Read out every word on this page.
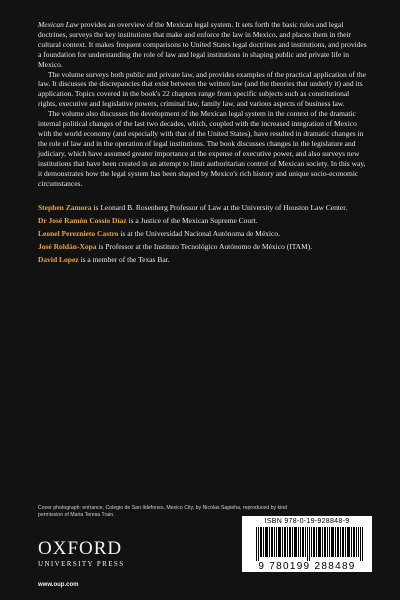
Mexican Law provides an overview of the Mexican legal system. It sets forth the basic rules and legal doctrines, surveys the key institutions that make and enforce the law in Mexico, and places them in their cultural context. It makes frequent comparisons to United States legal doctrines and institutions, and provides a foundation for understanding the role of law and legal institutions in shaping public and private life in Mexico.

The volume surveys both public and private law, and provides examples of the practical application of the law. It discusses the discrepancies that exist between the written law (and the theories that underly it) and its application. Topics covered in the book's 22 chapters range from specific subjects such as constitutional rights, executive and legislative powers, criminal law, family law, and various aspects of business law.

The volume also discusses the development of the Mexican legal system in the context of the dramatic internal political changes of the last two decades, which, coupled with the increased integration of Mexico with the world economy (and especially with that of the United States), have resulted in dramatic changes in the role of law and in the operation of legal institutions. The book discusses changes in the legislature and judiciary, which have assumed greater importance at the expense of executive power, and also surveys new institutions that have been created in an attempt to limit authoritarian control of Mexican society. In this way, it demonstrates how the legal system has been shaped by Mexico's rich history and unique socio-economic circumstances.

Stephen Zamora is Leonard B. Rosenberg Professor of Law at the University of Houston Law Center.

Dr José Ramón Cossío Díaz is a Justice of the Mexican Supreme Court.

Leonel Pereznieto Castro is at the Universidad Nacional Autónoma de México.

José Roldán-Xopa is Professor at the Instituto Tecnológico Autónomo de México (ITAM).

David Lopez is a member of the Texas Bar.

Cover photograph: entrance, Colegio de San Ildefonso, Mexico City, by Nicolas Sapieha, reproduced by kind permission of Maria Teresa Train.
OXFORD
UNIVERSITY PRESS
www.oup.com
ISBN 978-0-19-928848-9
9 780199 288489
